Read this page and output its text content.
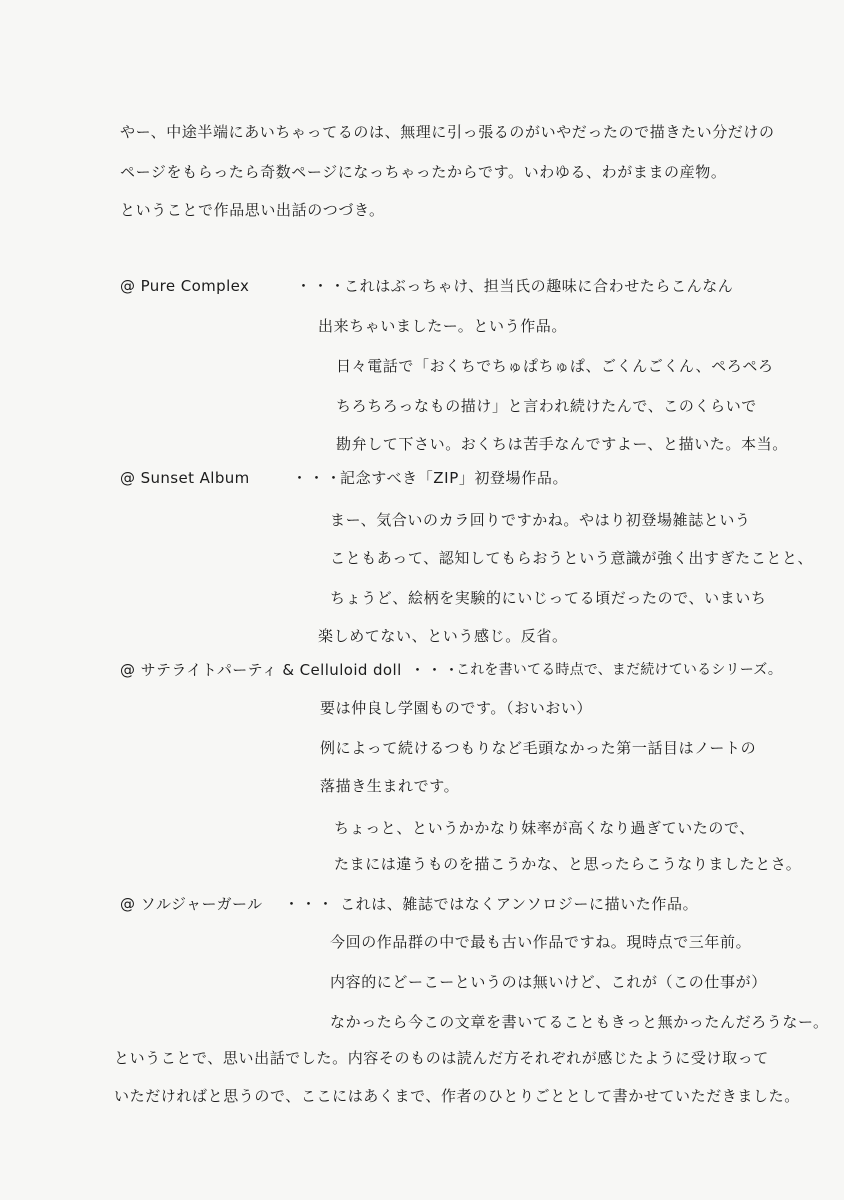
やー、中途半端にあいちゃってるのは、無理に引っ張るのがいやだったので描きたい分だけの
ページをもらったら奇数ページになっちゃったからです。いわゆる、わがままの産物。
ということで作品思い出話のつづき。
@ Pure Complex	・・・
これはぶっちゃけ、担当氏の趣味に合わせたらこんなん
出来ちゃいましたー。という作品。
日々電話で「おくちでちゅぱちゅぱ、ごくんごくん、ペろペろ
ちろちろっなもの描け」と言われ続けたんで、このくらいで
勘弁して下さい。おくちは苦手なんですよー、と描いた。本当。
@ Sunset Album	・・・
記念すべき「ZIP」初登場作品。
まー、気合いのカラ回りですかね。やはり初登場雑誌という
こともあって、認知してもらおうという意識が強く出すぎたことと、
ちょうど、絵柄を実験的にいじってる頃だったので、いまいち
楽しめてない、という感じ。反省。
@ サテライトパーティ & Celluloid doll ・・・
これを書いてる時点で、まだ続けているシリーズ。
要は仲良し学園ものです。（おいおい）
例によって続けるつもりなど毛頭なかった第一話目はノートの
落描き生まれです。
ちょっと、というかかなり妹率が高くなり過ぎていたので、
たまには違うものを描こうかな、と思ったらこうなりましたとさ。
@ ソルジャーガール ・・・ これは、雑誌ではなくアンソロジーに描いた作品。
今回の作品群の中で最も古い作品ですね。現時点で三年前。
内容的にどーこーというのは無いけど、これが（この仕事が）
なかったら今この文章を書いてることもきっと無かったんだろうなー。
ということで、思い出話でした。内容そのものは読んだ方それぞれが感じたように受け取って
いただければと思うので、ここにはあくまで、作者のひとりごととして書かせていただきました。
